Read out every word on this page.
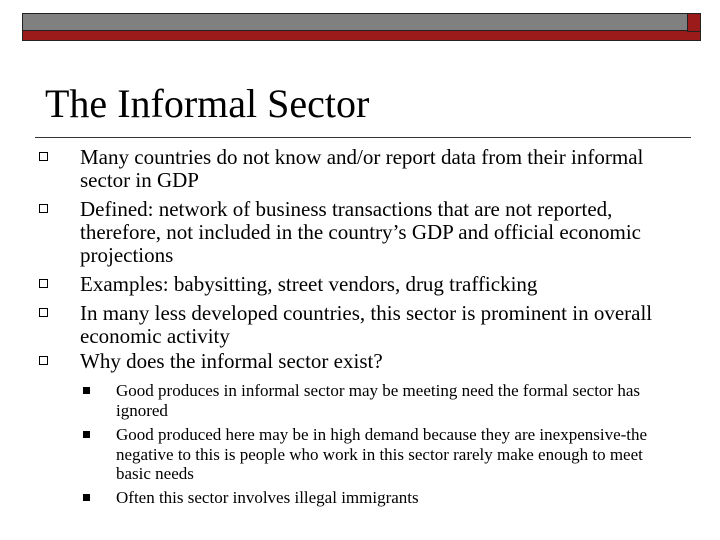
The Informal Sector
Many countries do not know and/or report data from their informal sector in GDP
Defined: network of business transactions that are not reported, therefore, not included in the country’s GDP and official economic projections
Examples: babysitting, street vendors, drug trafficking
In many less developed countries, this sector is prominent in overall economic activity
Why does the informal sector exist?
Good produces in informal sector may be meeting need the formal sector has ignored
Good produced here may be in high demand because they are inexpensive-the negative to this is people who work in this sector rarely make enough to meet basic needs
Often this sector involves illegal immigrants
